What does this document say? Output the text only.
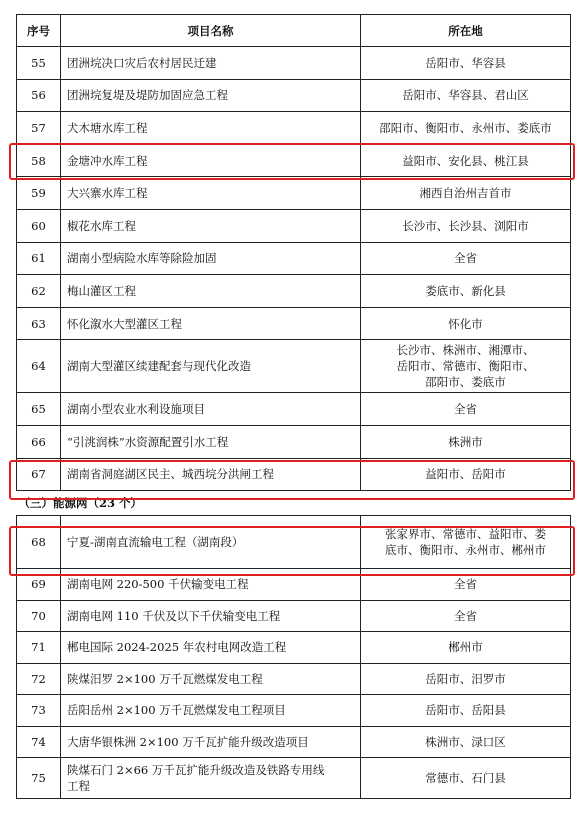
序号	项目名称	所在地
55	团洲垸决口灾后农村居民迁建	岳阳市、华容县
56	团洲垸复堤及堤防加固应急工程	岳阳市、华容县、君山区
57	犬木塘水库工程	邵阳市、衡阳市、永州市、娄底市
58	金塘冲水库工程	益阳市、安化县、桃江县
59	大兴寨水库工程	湘西自治州吉首市
60	椒花水库工程	长沙市、长沙县、浏阳市
61	湖南小型病险水库等除险加固	全省
62	梅山灌区工程	娄底市、新化县
63	怀化溆水大型灌区工程	怀化市
64	湖南大型灌区续建配套与现代化改造	长沙市、株洲市、湘潭市、
岳阳市、常德市、衡阳市、
邵阳市、娄底市

65	湖南小型农业水利设施项目	全省
66	“引洮润株”水资源配置引水工程	株洲市
67	湖南省洞庭湖区民主、城西垸分洪闸工程	益阳市、岳阳市
（三）能源网（23 个）		
68	宁夏-湖南直流输电工程（湖南段）	张家界市、常德市、益阳市、娄
底市、衡阳市、永州市、郴州市

69	湖南电网 220-500 千伏输变电工程	全省
70	湖南电网 110 千伏及以下千伏输变电工程	全省
71	郴电国际 2024-2025 年农村电网改造工程	郴州市
72	陕煤汨罗 2×100 万千瓦燃煤发电工程	岳阳市、汨罗市
73	岳阳岳州 2×100 万千瓦燃煤发电工程项目	岳阳市、岳阳县
74	大唐华银株洲 2×100 万千瓦扩能升级改造项目	株洲市、渌口区
75	陕煤石门 2×66 万千瓦扩能升级改造及铁路专用线
工程	常德市、石门县
